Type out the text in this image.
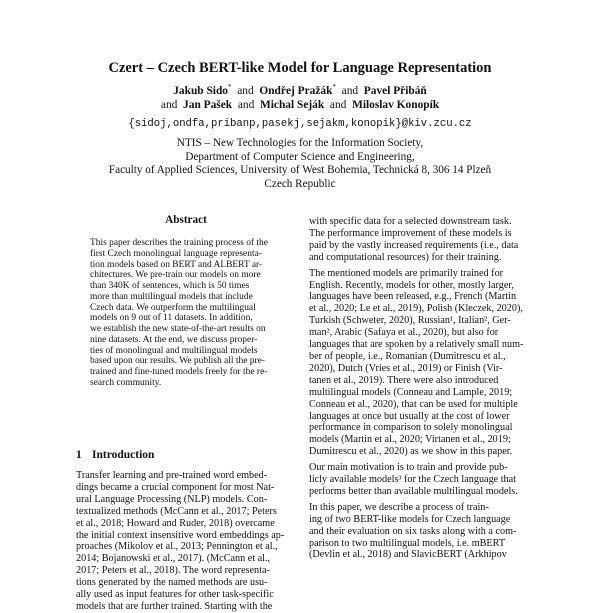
Czert – Czech BERT-like Model for Language Representation
Jakub Sido* and Ondřej Pražák* and Pavel Přibáň
and Jan Pašek and Michal Seják and Miloslav Konopík
{sidoj,ondfa,pribanp,pasekj,sejakm,konopik}@kiv.zcu.cz
NTIS – New Technologies for the Information Society,
Department of Computer Science and Engineering,
Faculty of Applied Sciences, University of West Bohemia, Technická 8, 306 14 Plzeň
Czech Republic
Abstract
This paper describes the training process of the
first Czech monolingual language representa-
tion models based on BERT and ALBERT ar-
chitectures. We pre-train our models on more
than 340K of sentences, which is 50 times
more than multilingual models that include
Czech data. We outperform the multilingual
models on 9 out of 11 datasets. In addition,
we establish the new state-of-the-art results on
nine datasets. At the end, we discuss proper-
ties of monolingual and multilingual models
based upon our results. We publish all the pre-
trained and fine-tuned models freely for the re-
search community.
1 Introduction
Transfer learning and pre-trained word embed-
dings became a crucial component for most Nat-
ural Language Processing (NLP) models. Con-
textualized methods (McCann et al., 2017; Peters
et al., 2018; Howard and Ruder, 2018) overcame
the initial context insensitive word embeddings ap-
proaches (Mikolov et al., 2013; Pennington et al.,
2014; Bojanowski et al., 2017). (McCann et al.,
2017; Peters et al., 2018). The word representa-
tions generated by the named methods are usu-
ally used as input features for other task-specific
models that are further trained. Starting with the
with specific data for a selected downstream task.
The performance improvement of these models is
paid by the vastly increased requirements (i.e., data
and computational resources) for their training.
The mentioned models are primarily trained for
English. Recently, models for other, mostly larger,
languages have been released, e.g., French (Martin
et al., 2020; Le et al., 2019), Polish (Kleczek, 2020),
Turkish (Schweter, 2020), Russian¹, Italian², Ger-
man², Arabic (Safaya et al., 2020), but also for
languages that are spoken by a relatively small num-
ber of people, i.e., Romanian (Dumitrescu et al.,
2020), Dutch (Vries et al., 2019) or Finish (Vir-
tanen et al., 2019). There were also introduced
multilingual models (Conneau and Lample, 2019;
Conneau et al., 2020), that can be used for multiple
languages at once but usually at the cost of lower
performance in comparison to solely monolingual
models (Martin et al., 2020; Virtanen et al., 2019;
Dumitrescu et al., 2020) as we show in this paper.
Our main motivation is to train and provide pub-
licly available models³ for the Czech language that
performs better than available multilingual models.
In this paper, we describe a process of train-
ing of two BERT-like models for Czech language
and their evaluation on six tasks along with a com-
parison to two multilingual models, i.e. mBERT
(Devlin et al., 2018) and SlavicBERT (Arkhipov
